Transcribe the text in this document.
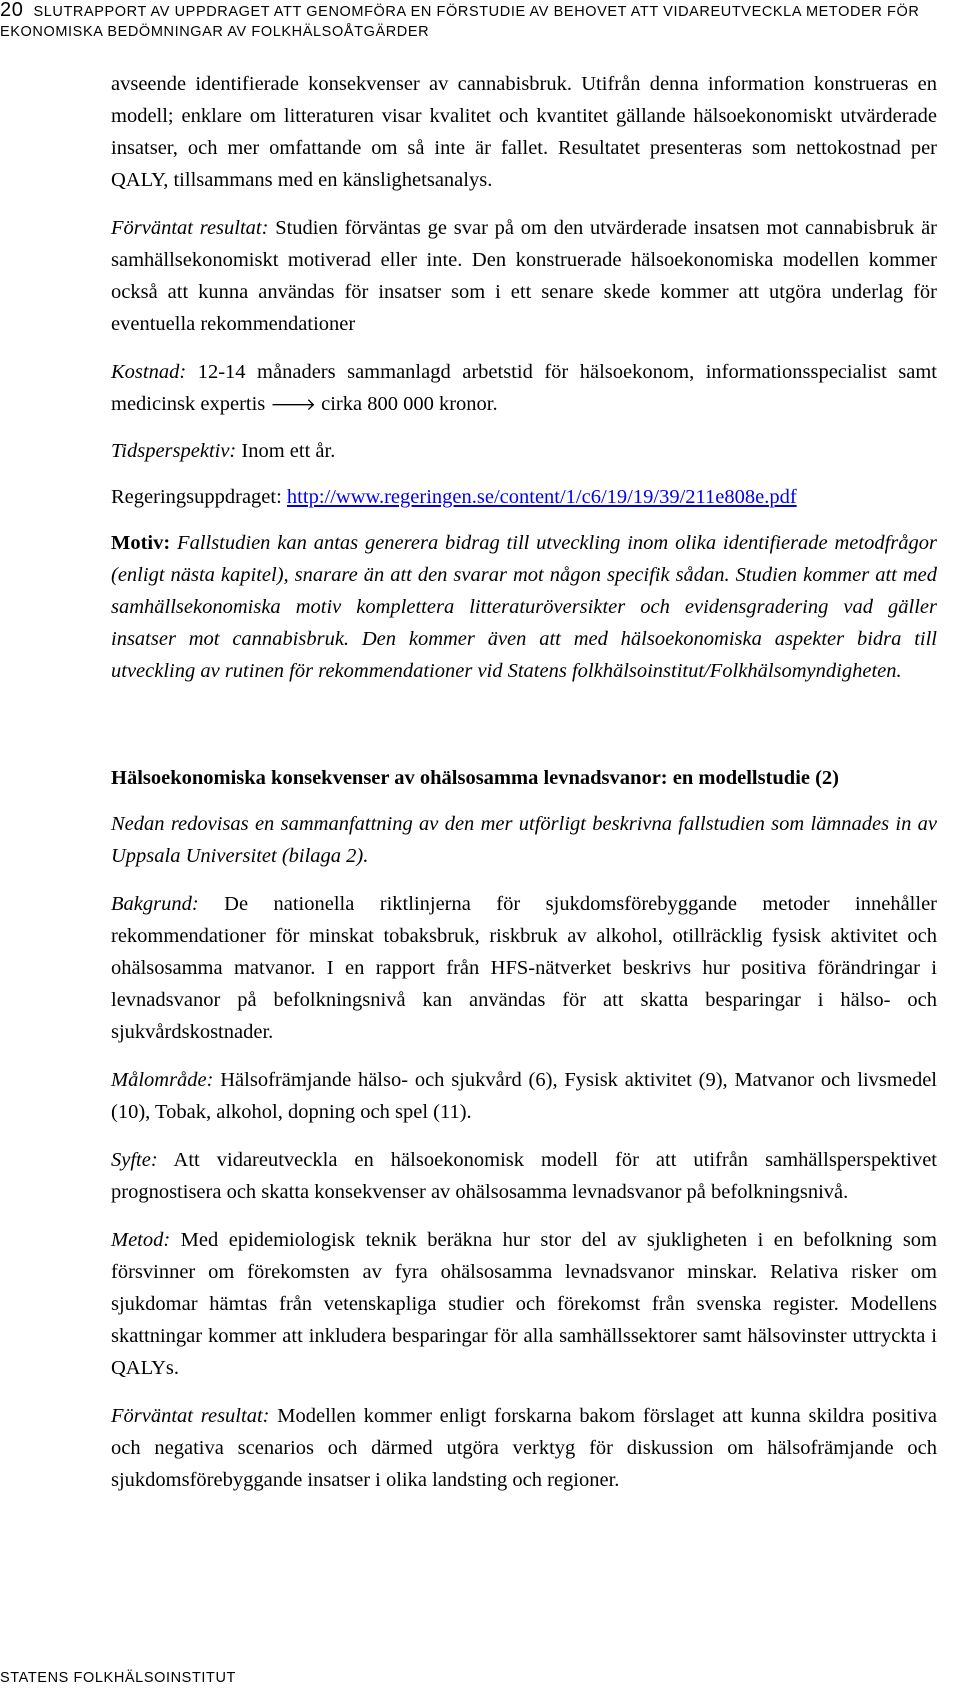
20 SLUTRAPPORT AV UPPDRAGET ATT GENOMFÖRA EN FÖRSTUDIE AV BEHOVET ATT VIDAREUTVECKLA METODER FÖR
EKONOMISKA BEDÖMNINGAR AV FOLKHÄLSOÅTGÄRDER

avseende identifierade konsekvenser av cannabisbruk. Utifrån denna information konstrueras en modell; enklare om litteraturen visar kvalitet och kvantitet gällande hälsoekonomiskt utvärderade insatser, och mer omfattande om så inte är fallet. Resultatet presenteras som nettokostnad per QALY, tillsammans med en känslighetsanalys.

Förväntat resultat: Studien förväntas ge svar på om den utvärderade insatsen mot cannabisbruk är samhällsekonomiskt motiverad eller inte. Den konstruerade hälsoekonomiska modellen kommer också att kunna användas för insatser som i ett senare skede kommer att utgöra underlag för eventuella rekommendationer

Kostnad: 12-14 månaders sammanlagd arbetstid för hälsoekonom, informationsspecialist samt medicinsk expertis 🡒 cirka 800 000 kronor.

Tidsperspektiv: Inom ett år.

Regeringsuppdraget: http://www.regeringen.se/content/1/c6/19/19/39/211e808e.pdf

Motiv: Fallstudien kan antas generera bidrag till utveckling inom olika identifierade metodfrågor (enligt nästa kapitel), snarare än att den svarar mot någon specifik sådan. Studien kommer att med samhällsekonomiska motiv komplettera litteraturöversikter och evidensgradering vad gäller insatser mot cannabisbruk. Den kommer även att med hälsoekonomiska aspekter bidra till utveckling av rutinen för rekommendationer vid Statens folkhälsoinstitut/Folkhälsomyndigheten.

Hälsoekonomiska konsekvenser av ohälsosamma levnadsvanor: en modellstudie (2)

Nedan redovisas en sammanfattning av den mer utförligt beskrivna fallstudien som lämnades in av Uppsala Universitet (bilaga 2).

Bakgrund: De nationella riktlinjerna för sjukdomsförebyggande metoder innehåller rekommendationer för minskat tobaksbruk, riskbruk av alkohol, otillräcklig fysisk aktivitet och ohälsosamma matvanor. I en rapport från HFS-nätverket beskrivs hur positiva förändringar i levnadsvanor på befolkningsnivå kan användas för att skatta besparingar i hälso- och sjukvårdskostnader.

Målområde: Hälsofrämjande hälso- och sjukvård (6), Fysisk aktivitet (9), Matvanor och livsmedel (10), Tobak, alkohol, dopning och spel (11).

Syfte: Att vidareutveckla en hälsoekonomisk modell för att utifrån samhällsperspektivet prognostisera och skatta konsekvenser av ohälsosamma levnadsvanor på befolkningsnivå.

Metod: Med epidemiologisk teknik beräkna hur stor del av sjukligheten i en befolkning som försvinner om förekomsten av fyra ohälsosamma levnadsvanor minskar. Relativa risker om sjukdomar hämtas från vetenskapliga studier och förekomst från svenska register. Modellens skattningar kommer att inkludera besparingar för alla samhällssektorer samt hälsovinster uttryckta i QALYs.

Förväntat resultat: Modellen kommer enligt forskarna bakom förslaget att kunna skildra positiva och negativa scenarios och därmed utgöra verktyg för diskussion om hälsofrämjande och sjukdomsförebyggande insatser i olika landsting och regioner.

STATENS FOLKHÄLSOINSTITUT
